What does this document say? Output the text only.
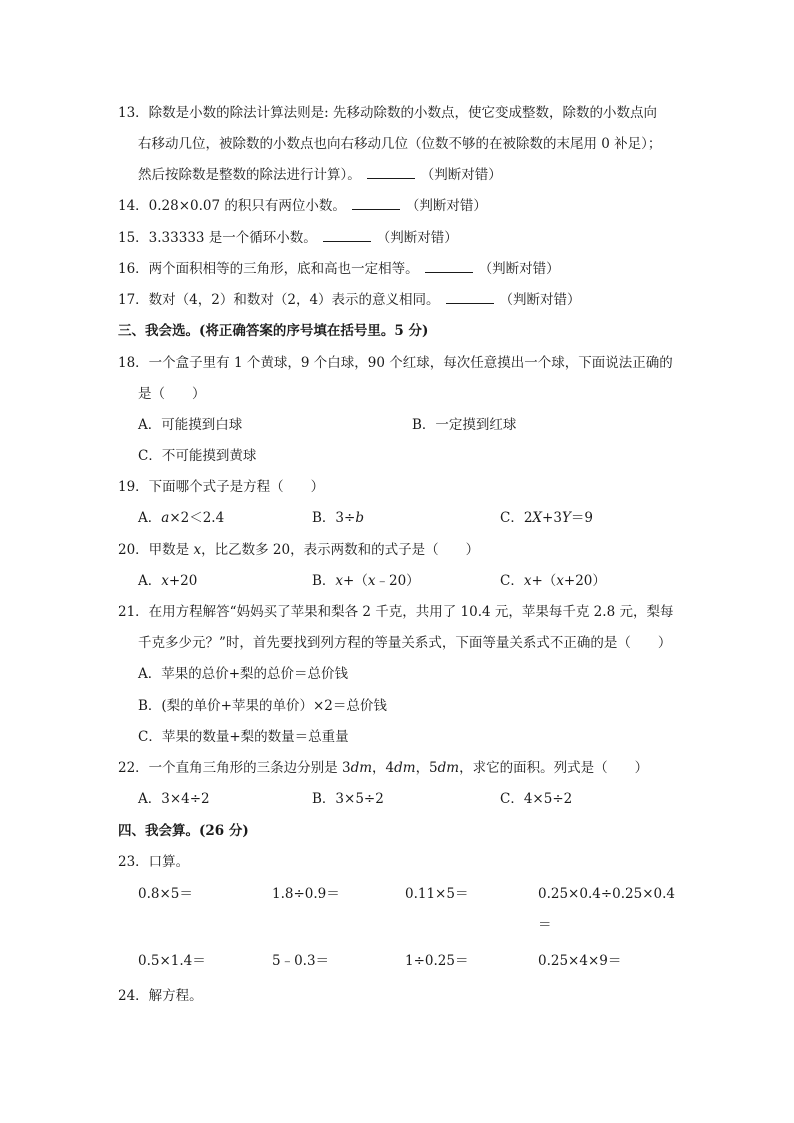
13．除数是小数的除法计算法则是: 先移动除数的小数点，使它变成整数，除数的小数点向
右移动几位，被除数的小数点也向右移动几位（位数不够的在被除数的末尾用 0 补足）；
然后按除数是整数的除法进行计算）。	（判断对错）
14．0.28×0.07 的积只有两位小数。	（判断对错）
15．3.33333 是一个循环小数。	（判断对错）
16．两个面积相等的三角形，底和高也一定相等。	（判断对错）
17．数对（4，2）和数对（2，4）表示的意义相同。	（判断对错）
三、我会选。(将正确答案的序号填在括号里。5 分)
18．一个盒子里有 1 个黄球，9 个白球，90 个红球，每次任意摸出一个球，下面说法正确的
是（　　）
A．可能摸到白球	B．一定摸到红球
C．不可能摸到黄球
19．下面哪个式子是方程（　　）
A．a×2＜2.4	B．3÷b	C．2X+3Y＝9
20．甲数是 x，比乙数多 20，表示两数和的式子是（　　）
A．x+20	B．x+（x﹣20）	C．x+（x+20）
21．在用方程解答“妈妈买了苹果和梨各 2 千克，共用了 10.4 元，苹果每千克 2.8 元，梨每
千克多少元？”时，首先要找到列方程的等量关系式，下面等量关系式不正确的是（　　）
A．苹果的总价+梨的总价＝总价钱
B．(梨的单价+苹果的单价）×2＝总价钱
C．苹果的数量+梨的数量＝总重量
22．一个直角三角形的三条边分别是 3dm，4dm，5dm，求它的面积。列式是（　　）
A．3×4÷2	B．3×5÷2	C．4×5÷2
四、我会算。(26 分)
23．口算。
0.8×5＝	1.8÷0.9＝	0.11×5＝	0.25×0.4÷0.25×0.4
＝
0.5×1.4＝	5﹣0.3＝	1÷0.25＝	0.25×4×9＝
24．解方程。
